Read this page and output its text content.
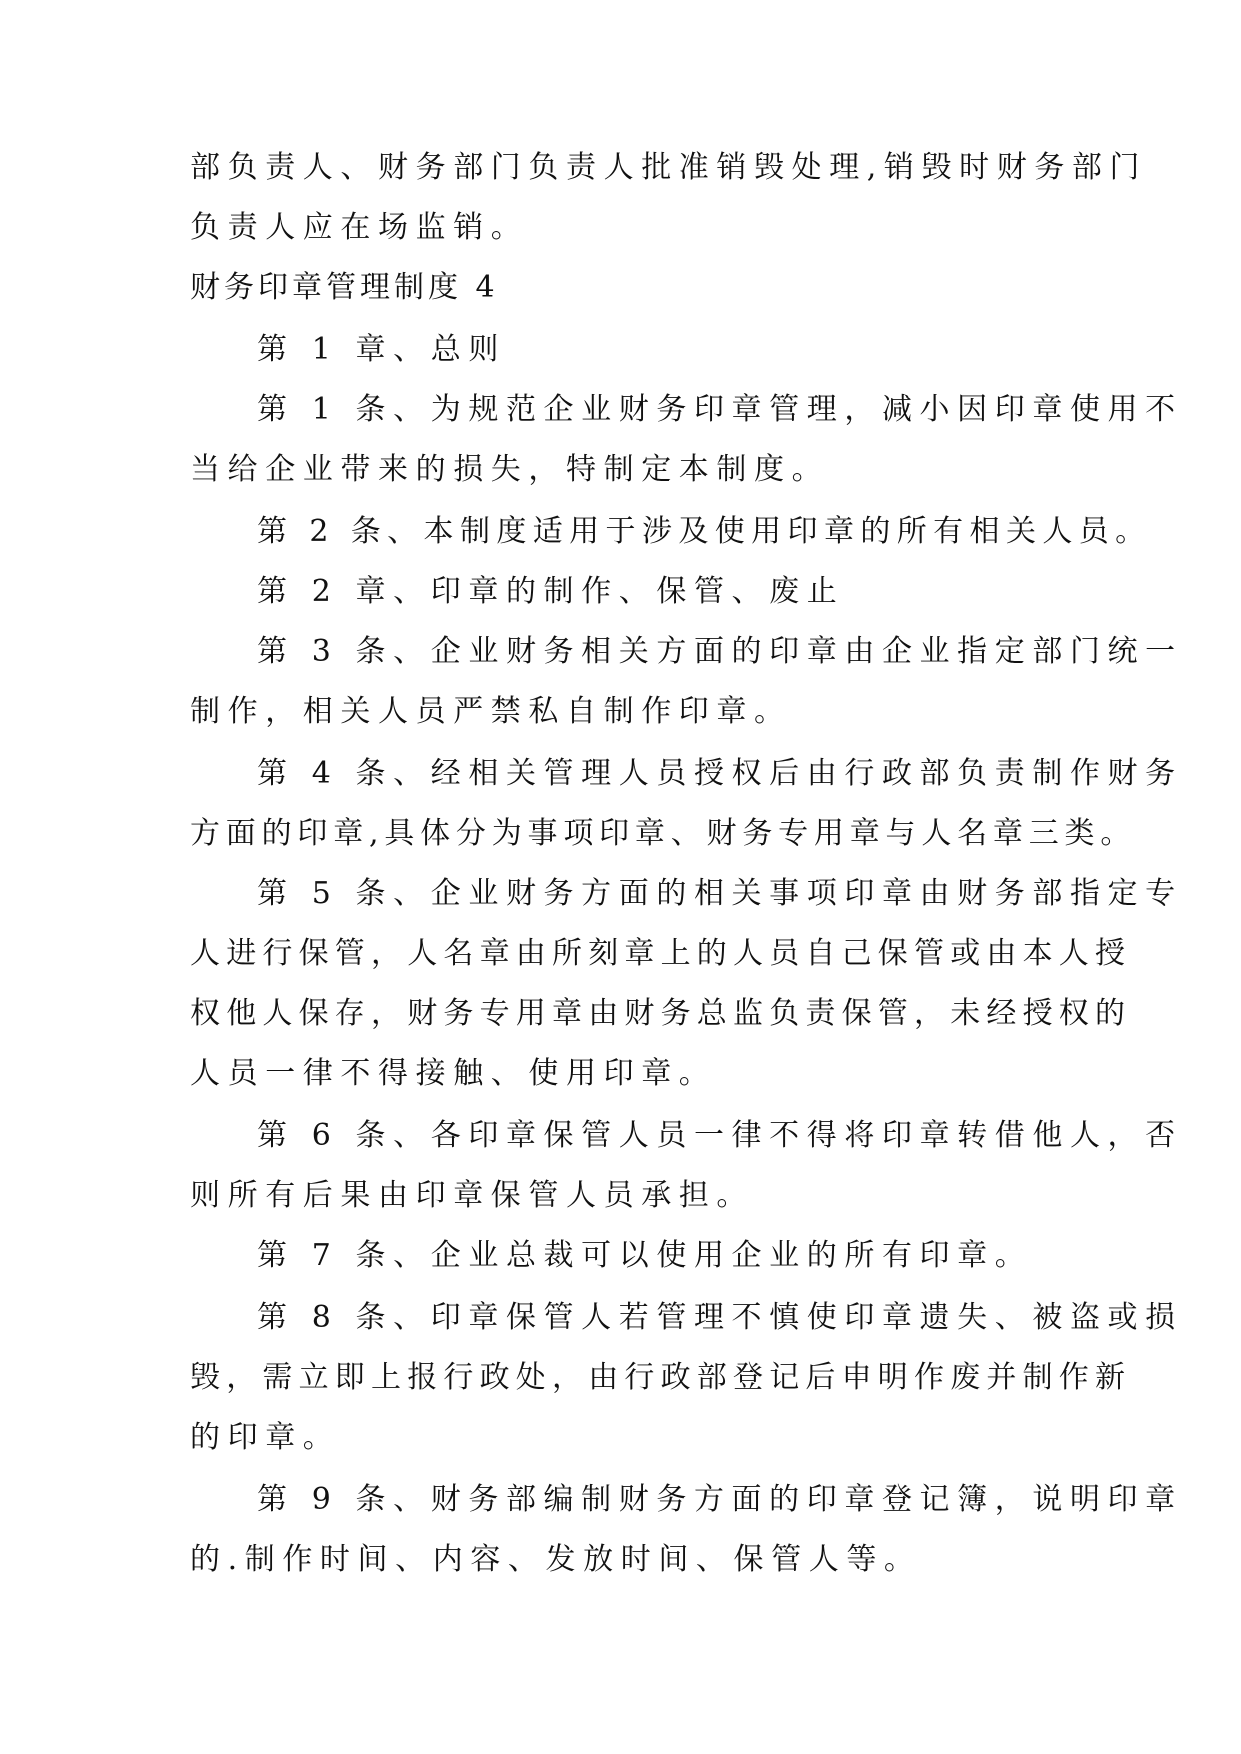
部负责人、财务部门负责人批准销毁处理,销毁时财务部门
负责人应在场监销。
财务印章管理制度 4
第 1 章、总则
第 1 条、为规范企业财务印章管理，减小因印章使用不
当给企业带来的损失，特制定本制度。
第 2 条、本制度适用于涉及使用印章的所有相关人员。
第 2 章、印章的制作、保管、废止
第 3 条、企业财务相关方面的印章由企业指定部门统一
制作，相关人员严禁私自制作印章。
第 4 条、经相关管理人员授权后由行政部负责制作财务
方面的印章,具体分为事项印章、财务专用章与人名章三类。
第 5 条、企业财务方面的相关事项印章由财务部指定专
人进行保管，人名章由所刻章上的人员自己保管或由本人授
权他人保存，财务专用章由财务总监负责保管，未经授权的
人员一律不得接触、使用印章。
第 6 条、各印章保管人员一律不得将印章转借他人，否
则所有后果由印章保管人员承担。
第 7 条、企业总裁可以使用企业的所有印章。
第 8 条、印章保管人若管理不慎使印章遗失、被盗或损
毁，需立即上报行政处，由行政部登记后申明作废并制作新
的印章。
第 9 条、财务部编制财务方面的印章登记簿，说明印章
的.制作时间、内容、发放时间、保管人等。
